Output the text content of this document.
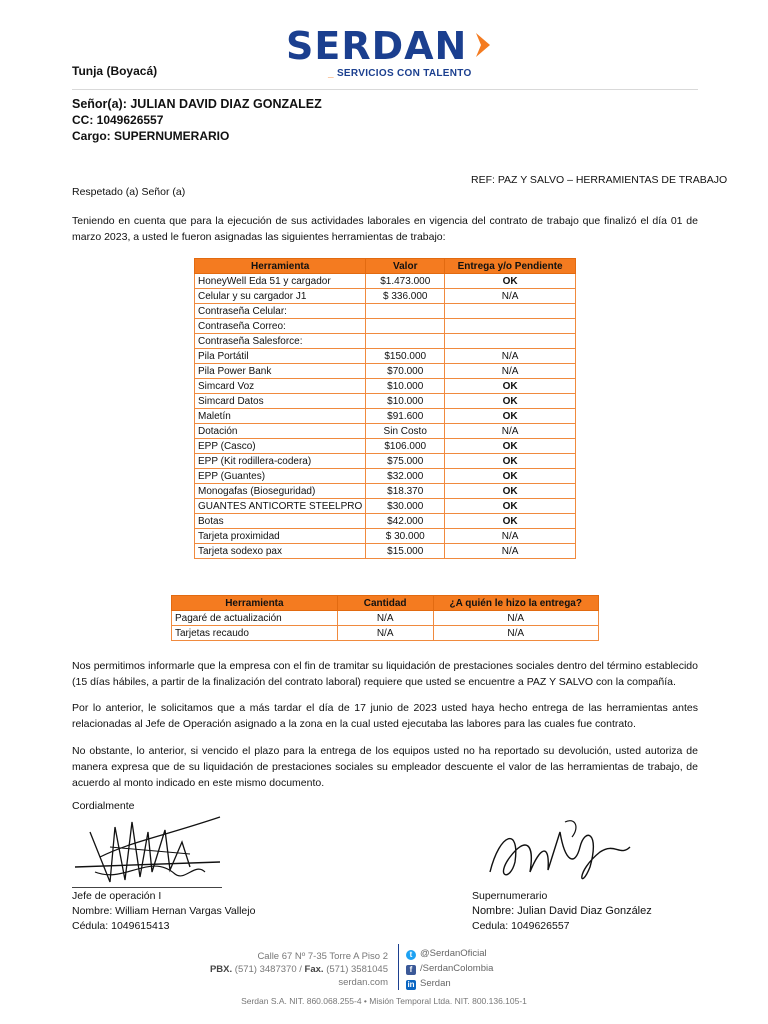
SERDAN
_ SERVICIOS CON TALENTO
Tunja (Boyacá)
Señor(a): JULIAN DAVID DIAZ GONZALEZ
CC: 1049626557
Cargo: SUPERNUMERARIO
REF: PAZ Y SALVO – HERRAMIENTAS DE TRABAJO
Respetado (a) Señor (a)
Teniendo en cuenta que para la ejecución de sus actividades laborales en vigencia del contrato de trabajo que finalizó el día 01 de marzo 2023, a usted le fueron asignadas las siguientes herramientas de trabajo:
Herramienta	Valor	Entrega y/o Pendiente
HoneyWell Eda 51 y cargador	$1.473.000	OK
Celular y su cargador J1	$ 336.000	N/A
Contraseña Celular:		
Contraseña Correo:		
Contraseña Salesforce:		
Pila Portátil	$150.000	N/A
Pila Power Bank	$70.000	N/A
Simcard Voz	$10.000	OK
Simcard Datos	$10.000	OK
Maletín	$91.600	OK
Dotación	Sin Costo	N/A
EPP (Casco)	$106.000	OK
EPP (Kit rodillera-codera)	$75.000	OK
EPP (Guantes)	$32.000	OK
Monogafas (Bioseguridad)	$18.370	OK
GUANTES ANTICORTE STEELPRO	$30.000	OK
Botas	$42.000	OK
Tarjeta proximidad	$ 30.000	N/A
Tarjeta sodexo pax	$15.000	N/A
Herramienta	Cantidad	¿A quién le hizo la entrega?
Pagaré de actualización	N/A	N/A
Tarjetas recaudo	N/A	N/A
Nos permitimos informarle que la empresa con el fin de tramitar su liquidación de prestaciones sociales dentro del término establecido (15 días hábiles, a partir de la finalización del contrato laboral) requiere que usted se encuentre a PAZ Y SALVO con la compañía.
Por lo anterior, le solicitamos que a más tardar el día de 17 junio de 2023 usted haya hecho entrega de las herramientas antes relacionadas al Jefe de Operación asignado a la zona en la cual usted ejecutaba las labores para las cuales fue contrato.
No obstante, lo anterior, si vencido el plazo para la entrega de los equipos usted no ha reportado su devolución, usted autoriza de manera expresa que de su liquidación de prestaciones sociales su empleador descuente el valor de las herramientas de trabajo, de acuerdo al monto indicado en este mismo documento.
Cordialmente
Jefe de operación I
Nombre: William Hernan Vargas Vallejo
Cédula: 1049615413
Supernumerario
Nombre: Julian David Diaz González
Cedula: 1049626557
Calle 67 Nº 7-35 Torre A Piso 2
PBX. (571) 3487370 / Fax. (571) 3581045
serdan.com
t @SerdanOficial
f /SerdanColombia
in Serdan
Serdan S.A. NIT. 860.068.255-4 • Misión Temporal Ltda. NIT. 800.136.105-1
